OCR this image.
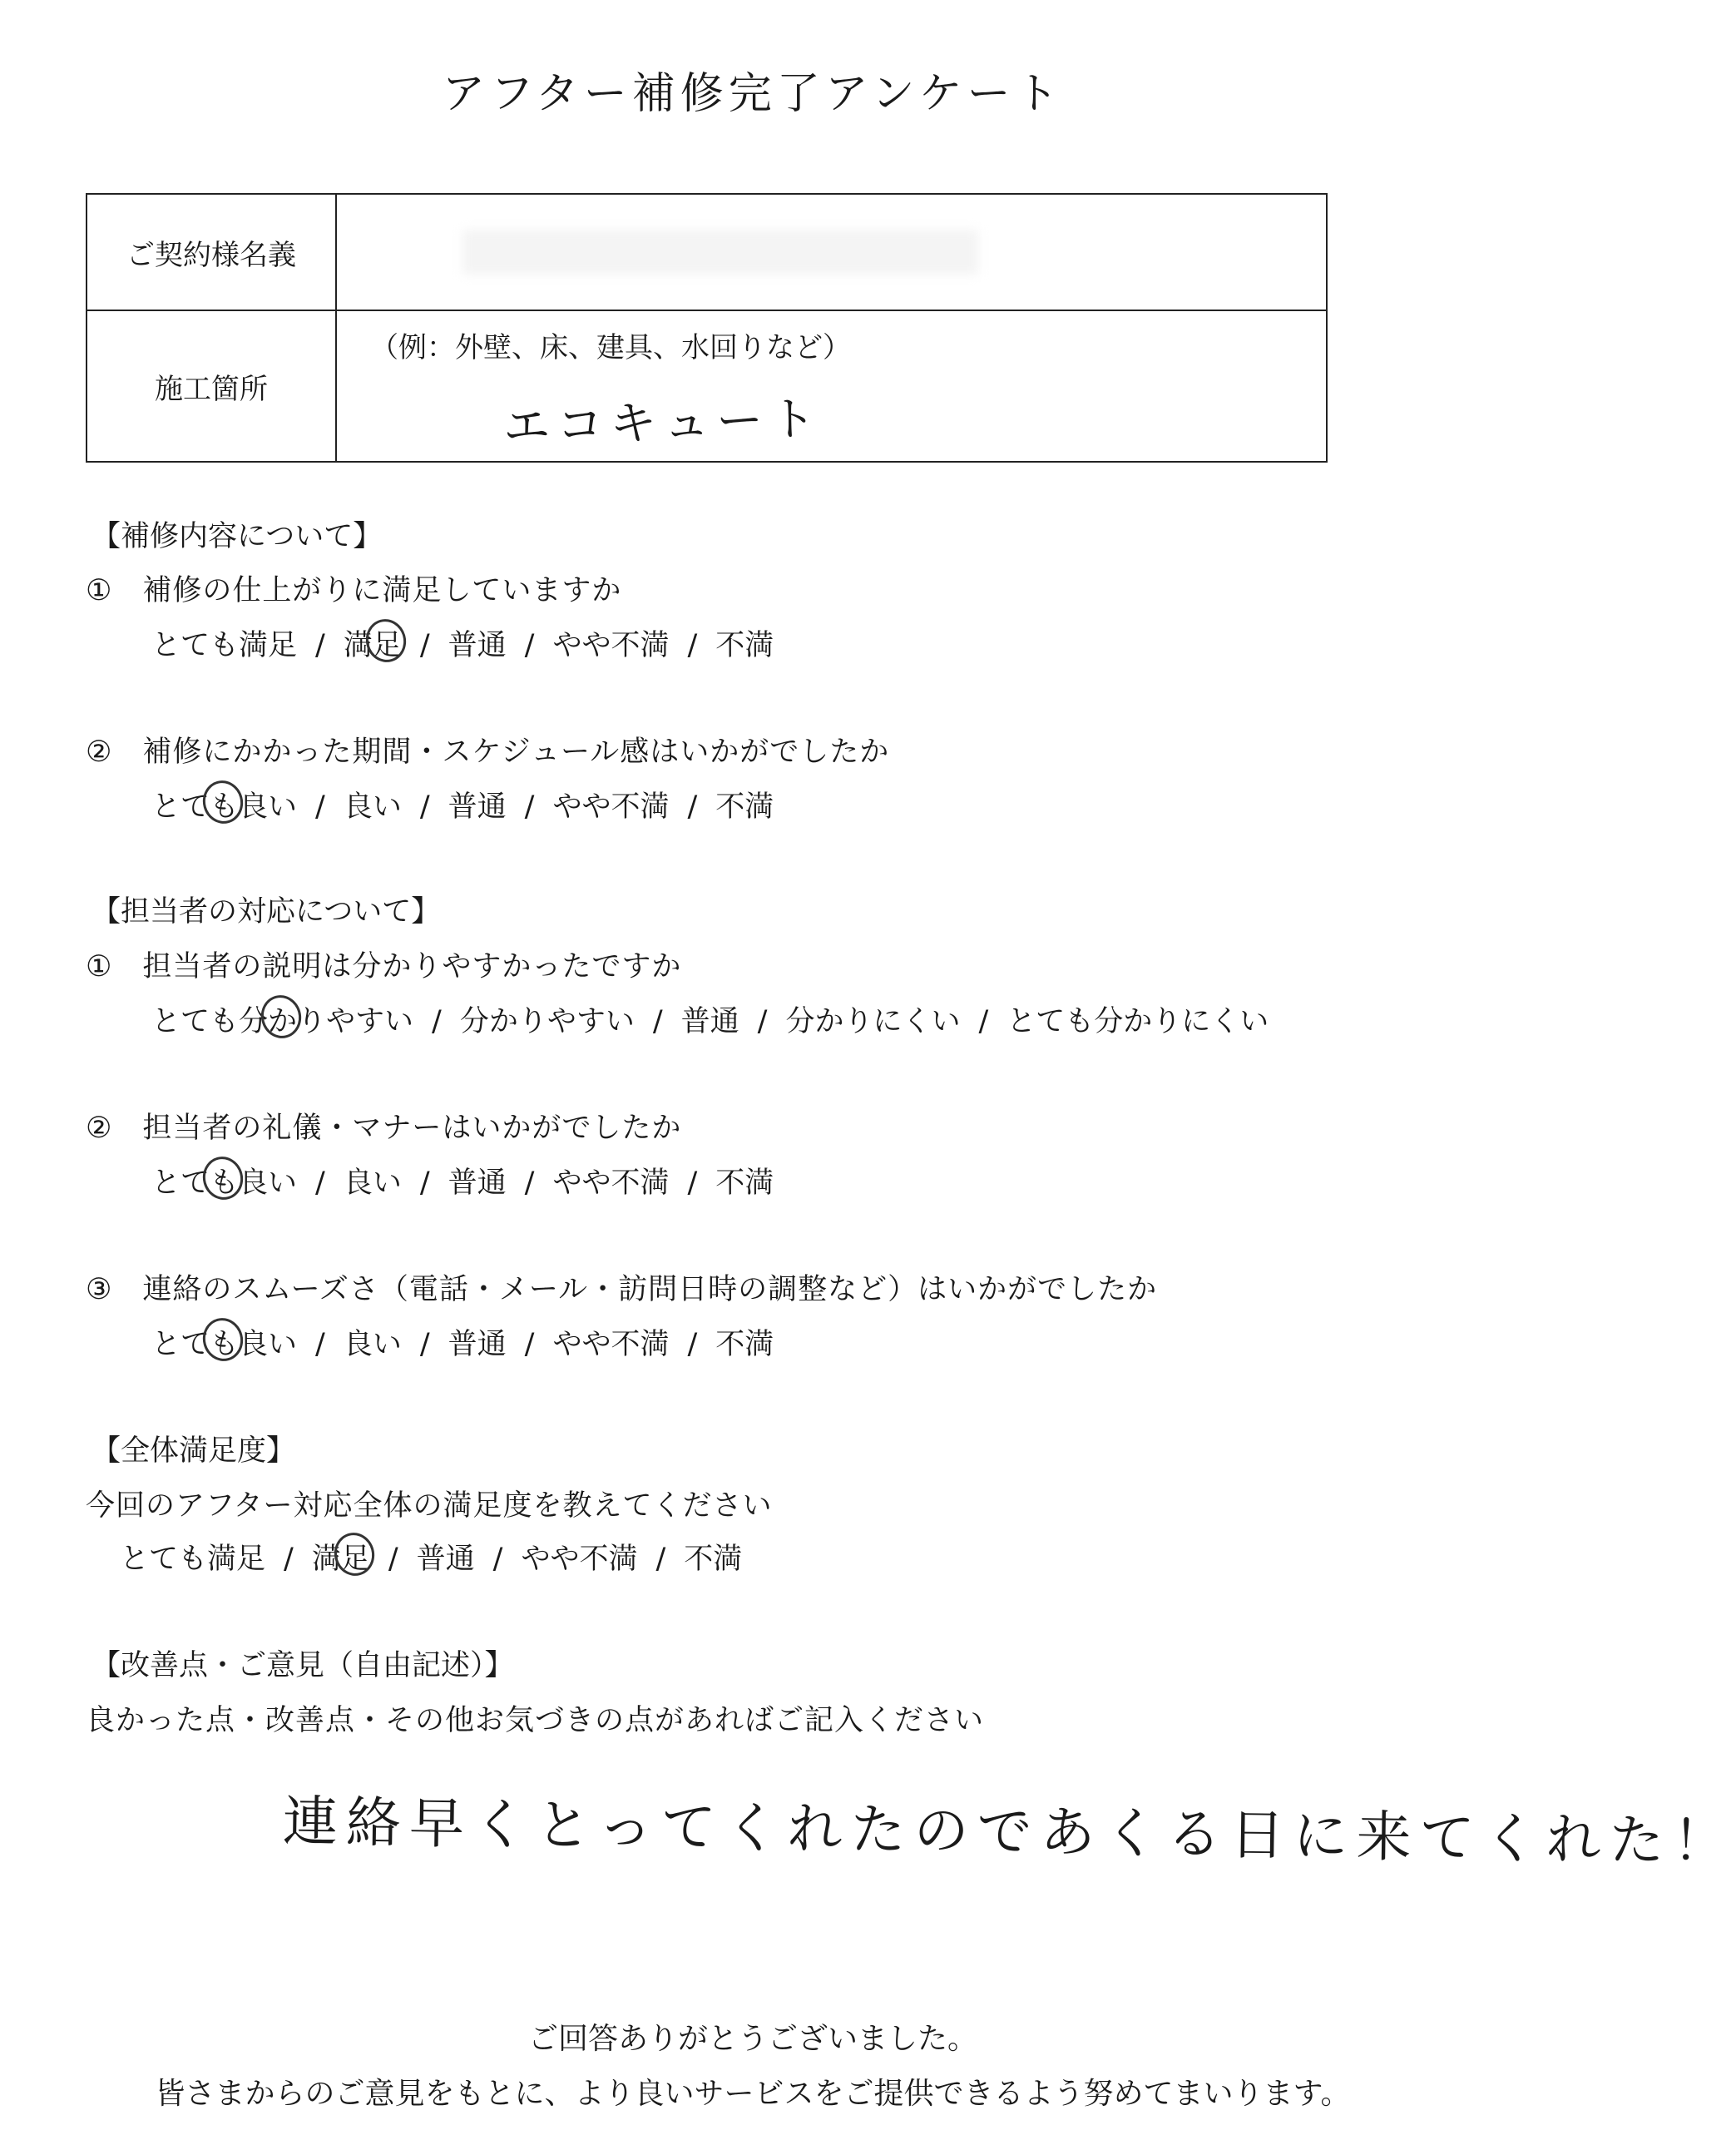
アフター補修完了アンケート
ご契約様名義	
施工箇所	（例：外壁、床、建具、水回りなど）
エコキュート
【補修内容について】
①　補修の仕上がりに満足していますか
とても満足 / 満足 / 普通 / やや不満 / 不満
②　補修にかかった期間・スケジュール感はいかがでしたか
とても良い / 良い / 普通 / やや不満 / 不満
【担当者の対応について】
①　担当者の説明は分かりやすかったですか
とても分かりやすい / 分かりやすい / 普通 / 分かりにくい / とても分かりにくい
②　担当者の礼儀・マナーはいかがでしたか
とても良い / 良い / 普通 / やや不満 / 不満
③　連絡のスムーズさ（電話・メール・訪問日時の調整など）はいかがでしたか
とても良い / 良い / 普通 / やや不満 / 不満
【全体満足度】
今回のアフター対応全体の満足度を教えてください
とても満足 / 満足 / 普通 / やや不満 / 不満
【改善点・ご意見（自由記述）】
良かった点・改善点・その他お気づきの点があればご記入ください
連絡早くとってくれたのであくる日に来てくれた！
ご回答ありがとうございました。
皆さまからのご意見をもとに、より良いサービスをご提供できるよう努めてまいります。
